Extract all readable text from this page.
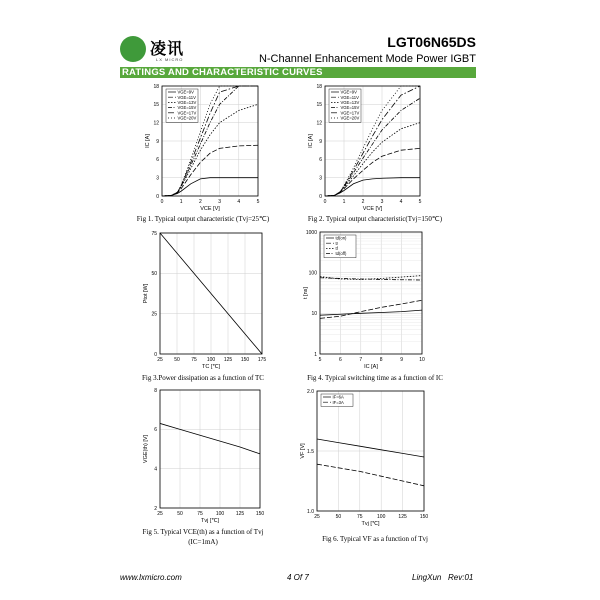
凌讯
LX MICRO
LGT06N65DS
N-Channel Enhancement Mode Power IGBT
RATINGS AND CHARACTERISTIC CURVES
0	1	2	3	4	5
0
3
6
9
12
15
18
VCE [V]
IC [A]
VGE=9V
VGE=11V
VGE=13V
VGE=15V
VGE=17V
VGE=20V
0	1	2	3	4	5
0
3
6
9
12
15
18
VCE [V]
IC [A]
VGE=9V
VGE=11V
VGE=13V
VGE=15V
VGE=17V
VGE=20V
25 50 75 100 125 150 175
0
25
50
75
TC [℃]
Ptot [W]
5	6	7	8	9	10
1
10
100
1000
IC [A]
t [ns]
td(on)
tr
tf
td(off)
25	50	75	100 125 150
2
4
6
8
Tvj [℃]
VGE(th) [V]
25	50	75	100	125	150
1.0
1.5
2.0
Tvj [℃]
VF [V]
IF=6A
IF=3A
Fig 1. Typical output characteristic (Tvj=25℃)	Fig 2. Typical output characteristic(Tvj=150℃)
Fig 3.Power dissipation as a function of TC	Fig 4. Typical switching time as a function of IC
Fig 5. Typical VCE(th) as a function of Tvj
(IC=1mA)	Fig 6. Typical VF as a function of Tvj
www.lxmicro.com	4 Of 7	LingXun Rev:01
